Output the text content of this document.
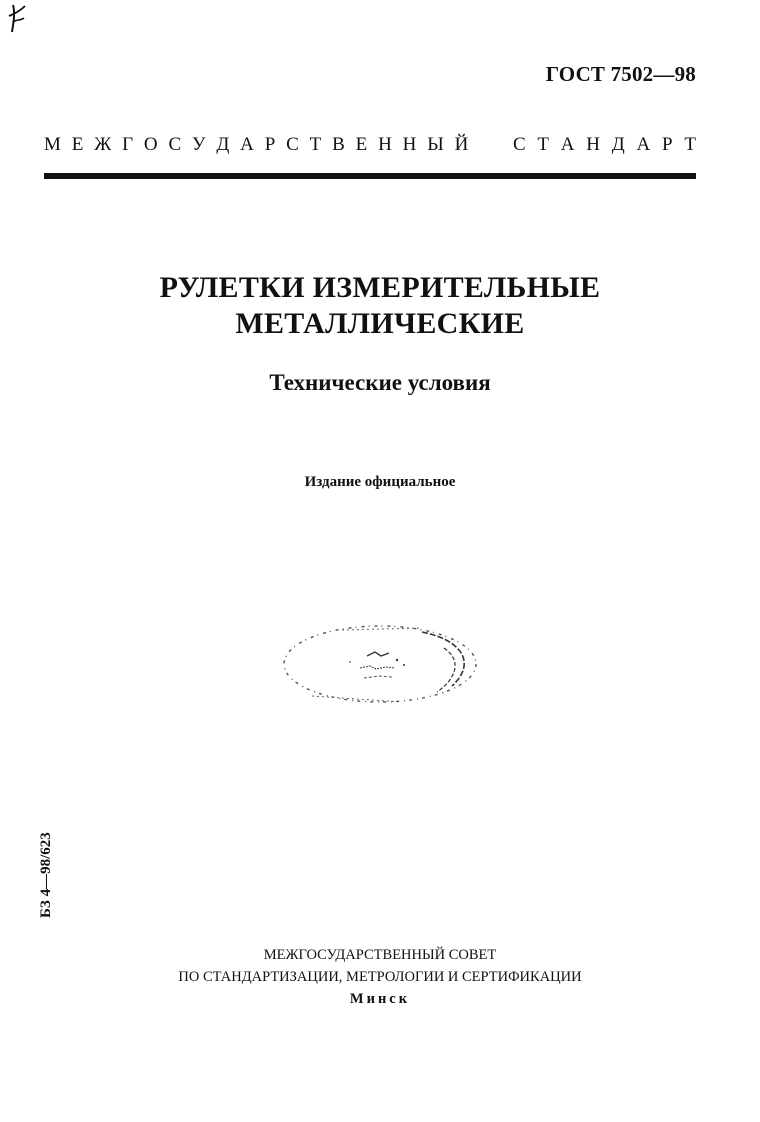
ГОСТ 7502—98
М Е Ж Г О С У Д А Р С Т В Е Н Н Ы Й С Т А Н Д А Р Т
РУЛЕТКИ ИЗМЕРИТЕЛЬНЫЕ
МЕТАЛЛИЧЕСКИЕ
Технические условия
Издание официальное
БЗ 4—98/623
МЕЖГОСУДАРСТВЕННЫЙ СОВЕТ
ПО СТАНДАРТИЗАЦИИ, МЕТРОЛОГИИ И СЕРТИФИКАЦИИ
Минск
